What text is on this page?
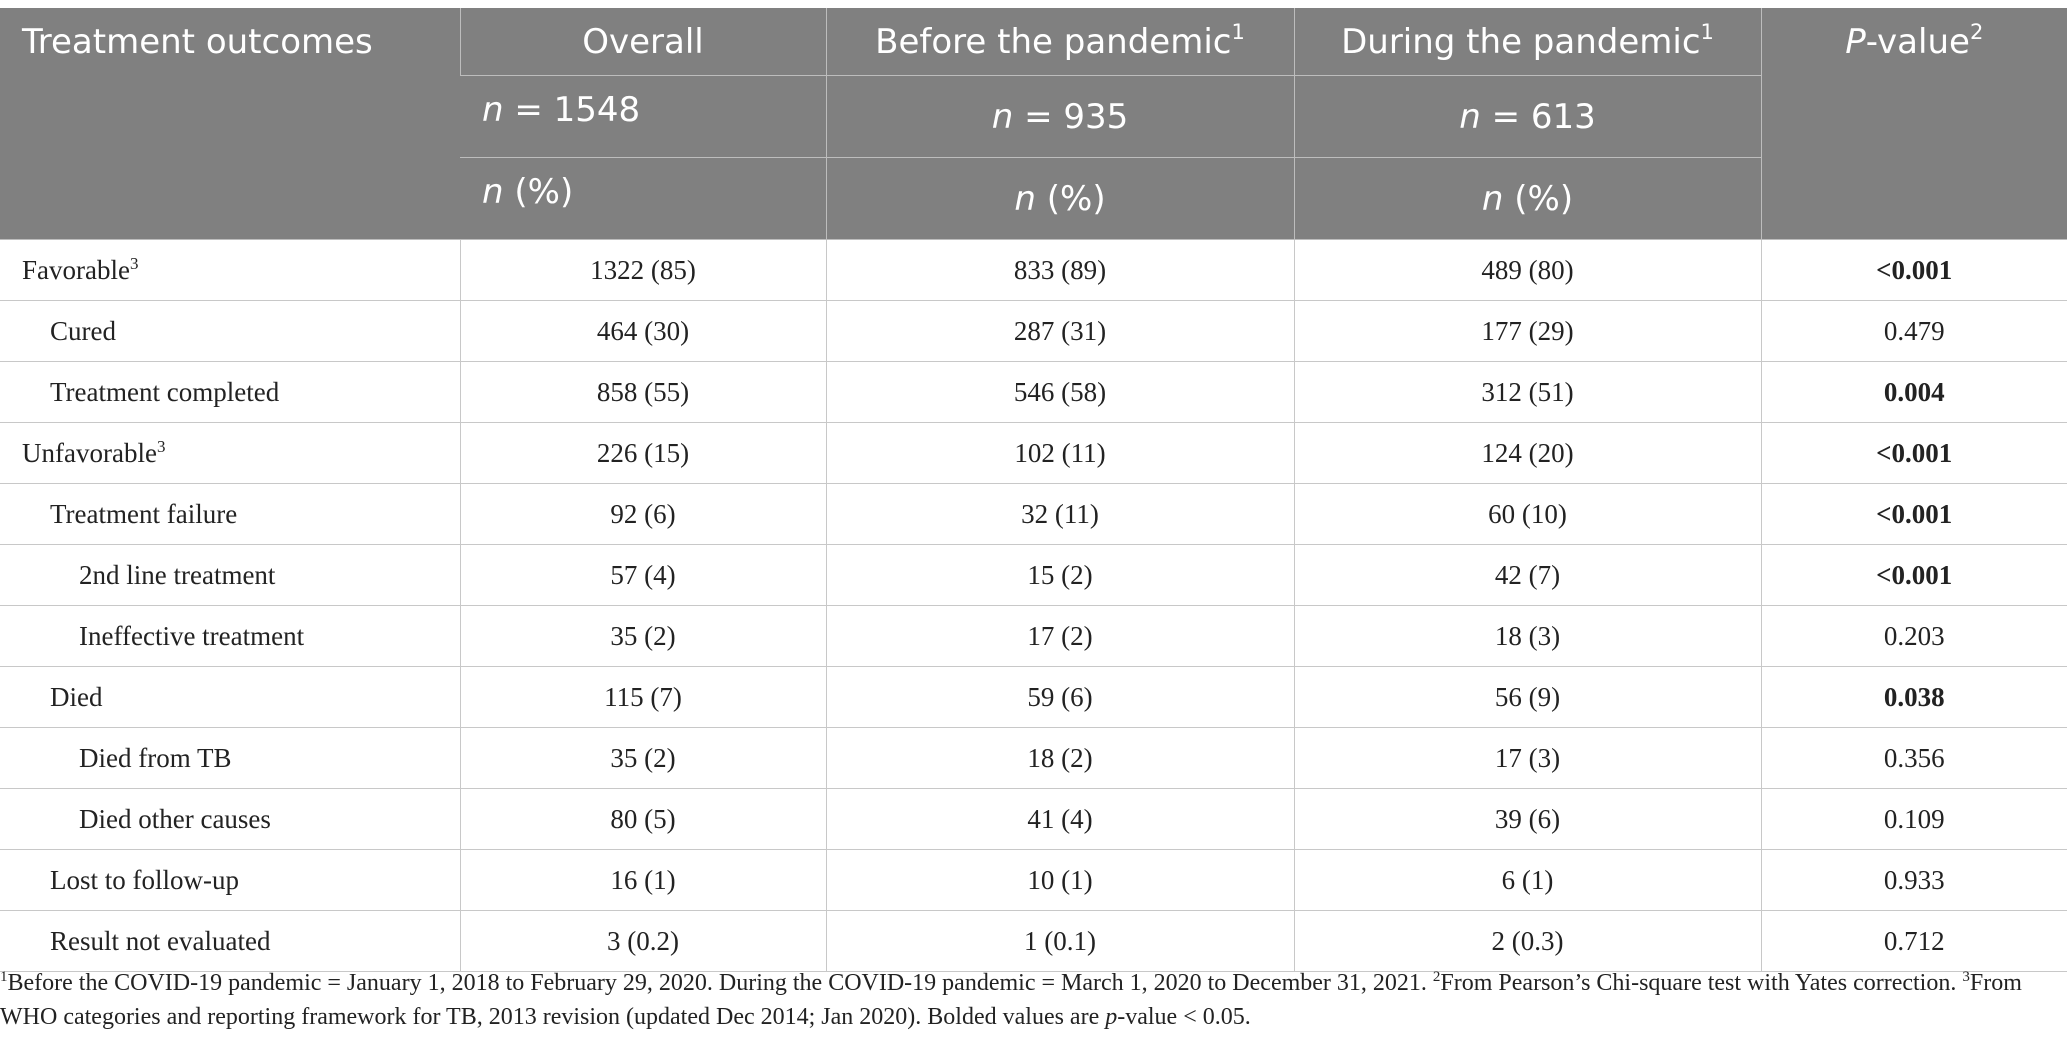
Treatment outcomes	Overall	Before the pandemic$^1$	During the pandemic$^1$	P-value$^2$
	n = 1548	n = 935	n = 613	
	n (%)	n (%)	n (%)	
Favorable$^3$	1322 (85)	833 (89)	489 (80)	<0.001
Cured	464 (30)	287 (31)	177 (29)	0.479
Treatment completed	858 (55)	546 (58)	312 (51)	0.004
Unfavorable$^3$	226 (15)	102 (11)	124 (20)	<0.001
Treatment failure	92 (6)	32 (11)	60 (10)	<0.001
2nd line treatment	57 (4)	15 (2)	42 (7)	<0.001
Ineffective treatment	35 (2)	17 (2)	18 (3)	0.203
Died	115 (7)	59 (6)	56 (9)	0.038
Died from TB	35 (2)	18 (2)	17 (3)	0.356
Died other causes	80 (5)	41 (4)	39 (6)	0.109
Lost to follow-up	16 (1)	10 (1)	6 (1)	0.933
Result not evaluated	3 (0.2)	1 (0.1)	2 (0.3)	0.712
$^1$Before the COVID-19 pandemic = January 1, 2018 to February 29, 2020. During the COVID-19 pandemic = March 1, 2020 to December 31, 2021. $^2$From Pearson’s Chi-square test with Yates correction. $^3$From WHO categories and reporting framework for TB, 2013 revision (updated Dec 2014; Jan 2020). Bolded values are p-value < 0.05.
